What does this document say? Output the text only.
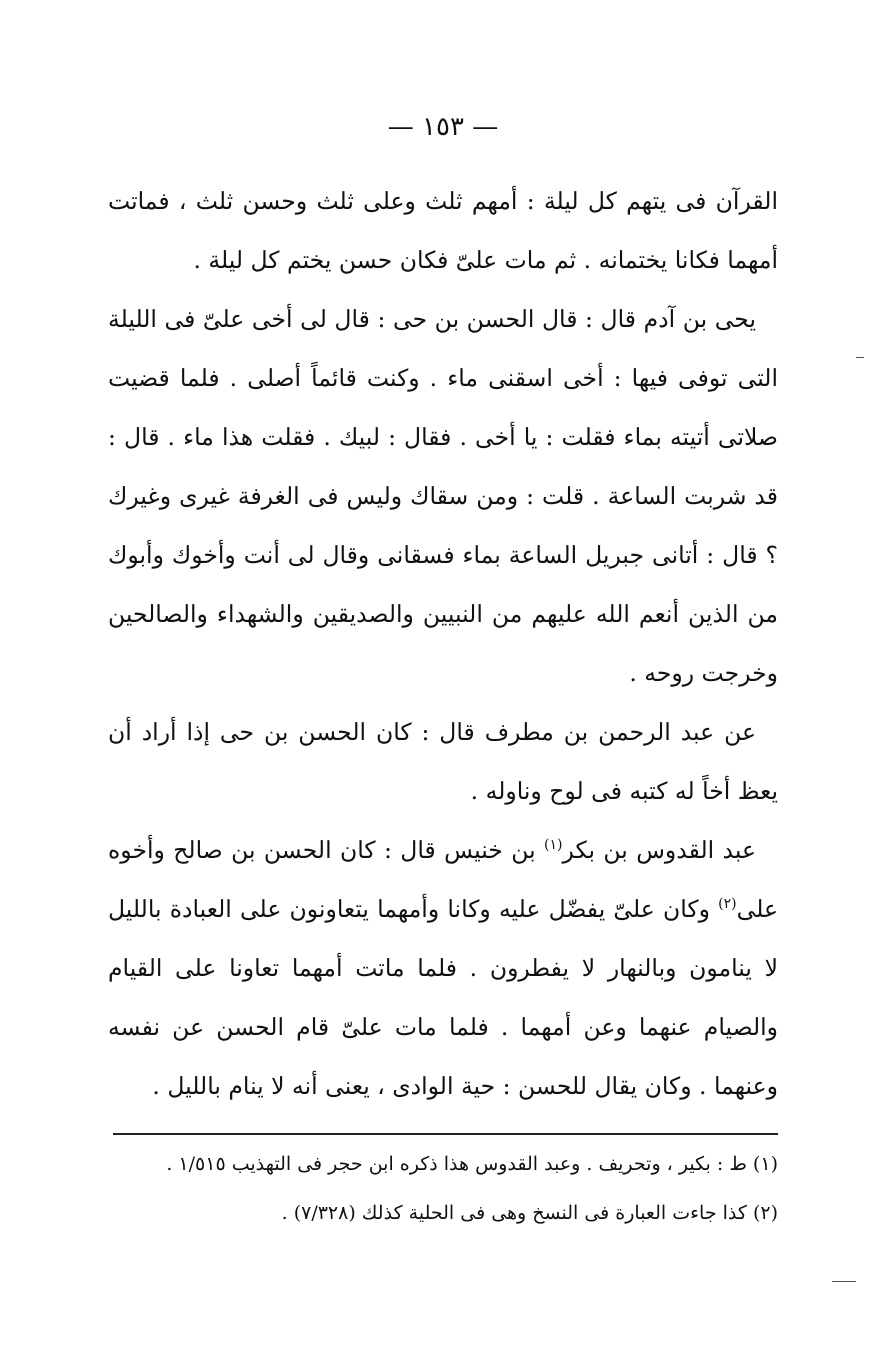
— ١٥٣ —

القرآن فى يتهم كل ليلة : أمهم ثلث وعلى ثلث وحسن ثلث ، فماتت أمهما فكانا يختمانه . ثم مات علىّ فكان حسن يختم كل ليلة .

يحى بن آدم قال : قال الحسن بن حى : قال لى أخى علىّ فى الليلة التى توفى فيها : أخى اسقنى ماء . وكنت قائماً أصلى . فلما قضيت صلاتى أتيته بماء فقلت : يا أخى . فقال : لبيك . فقلت هذا ماء . قال : قد شربت الساعة . قلت : ومن سقاك وليس فى الغرفة غيرى وغيرك ؟ قال : أتانى جبريل الساعة بماء فسقانى وقال لى أنت وأخوك وأبوك من الذين أنعم الله عليهم من النبيين والصديقين والشهداء والصالحين وخرجت روحه .

عن عبد الرحمن بن مطرف قال : كان الحسن بن حى إذا أراد أن يعظ أخاً له كتبه فى لوح وناوله .

عبد القدوس بن بكر$^{(١)}$ بن خنيس قال : كان الحسن بن صالح وأخوه على$^{(٢)}$ وكان علىّ يفضّل عليه وكانا وأمهما يتعاونون على العبادة بالليل لا ينامون وبالنهار لا يفطرون . فلما ماتت أمهما تعاونا على القيام والصيام عنهما وعن أمهما . فلما مات علىّ قام الحسن عن نفسه وعنهما . وكان يقال للحسن : حية الوادى ، يعنى أنه لا ينام بالليل .

(١) ط : بكير ، وتحريف . وعبد القدوس هذا ذكره ابن حجر فى التهذيب ١/٥١٥ .

(٢) كذا جاءت العبارة فى النسخ وهى فى الحلية كذلك (٧/٣٢٨) .
